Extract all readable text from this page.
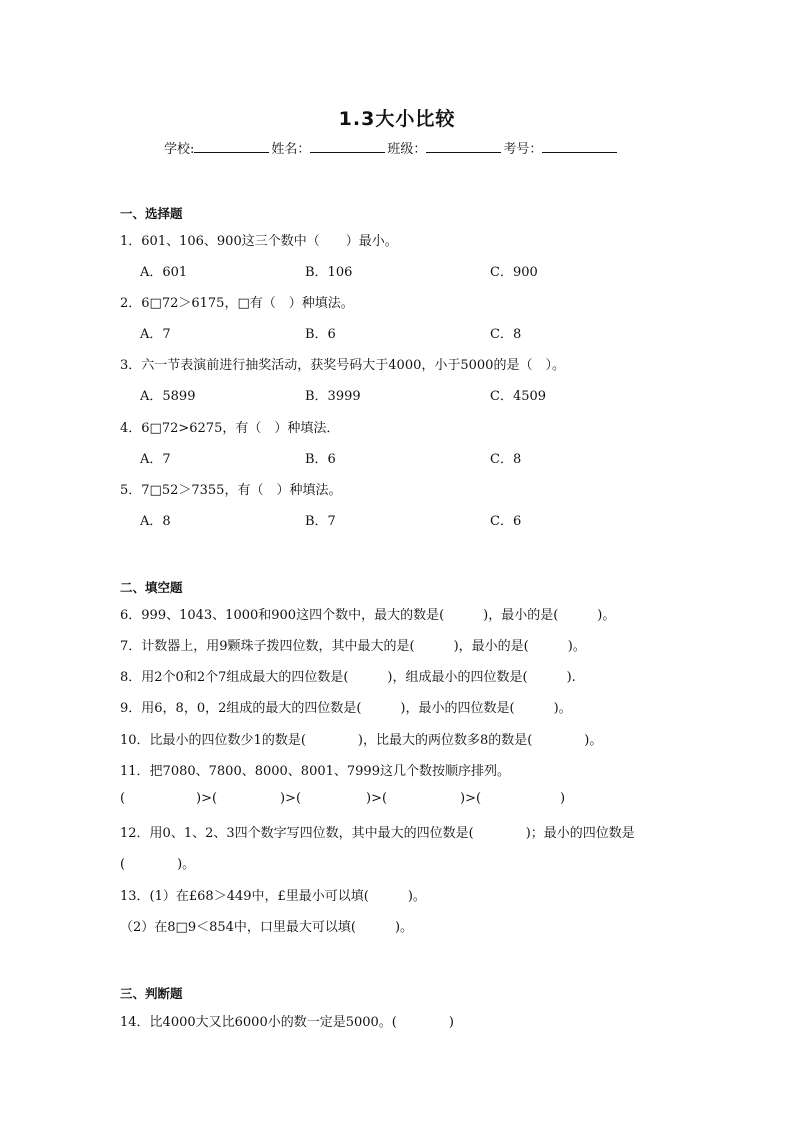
1.3大小比较
学校:	姓名：	班级：	考号：
一、选择题
1．601、106、900这三个数中（　　）最小。
A．601	B．106	C．900
2．6□72＞6175，□有（　）种填法。
A．7	B．6	C．8
3．六一节表演前进行抽奖活动，获奖号码大于4000，小于5000的是（　）。
A．5899	B．3999	C．4509
4．6□72>6275，有（　）种填法．
A．7	B．6	C．8
5．7□52＞7355，有（　）种填法。
A．8	B．7	C．6
二、填空题
6．999、1043、1000和900这四个数中，最大的数是(　　　)，最小的是(　　　)。
7．计数器上，用9颗珠子拨四位数，其中最大的是(　　　)，最小的是(　　　)。
8．用2个0和2个7组成最大的四位数是(　　　)，组成最小的四位数是(　　　).
9．用6，8，0，2组成的最大的四位数是(　　　)，最小的四位数是(　　　)。
10．比最小的四位数少1的数是(　　　　)，比最大的两位数多8的数是(　　　　)。
11．把7080、7800、8000、8001、7999这几个数按顺序排列。
(	)>(	)>(	)>(	)>(	)
12．用0、1、2、3四个数字写四位数，其中最大的四位数是(　　　　)；最小的四位数是
(　　　　)。
13．(1）在£68＞449中，£里最小可以填(　　　)。
（2）在8□9＜854中，口里最大可以填(　　　)。
三、判断题
14．比4000大又比6000小的数一定是5000。(　　　　)
